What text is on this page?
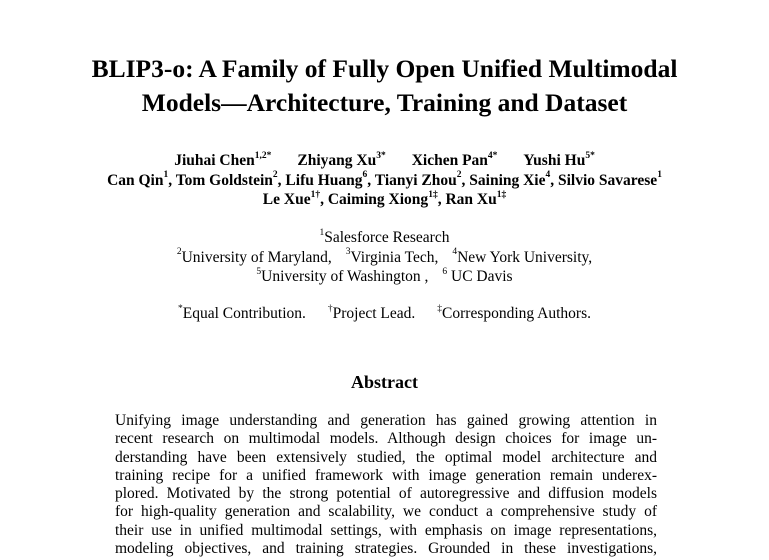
BLIP3-o: A Family of Fully Open Unified Multimodal
Models—Architecture, Training and Dataset
Jiuhai Chen$^{1,2*}$ Zhiyang $Xu^{3*}$ Xichen Pan$^{4*}$ Yushi $Hu^{5*}$
Can Qin$^1$, Tom Goldstein$^2$, Lifu Huang$^6$, Tianyi Zhou$^2$, Saining Xie$^4$, Silvio Savarese$^1$
Le Xue$^{1\dagger}$, Caiming Xiong$^{1\ddagger}$, Ran $Xu^{1\ddagger}$
$^1$Salesforce Research
$^2$University of Maryland, $^3$Virginia Tech, $^4$New York University,
$^5$University of Washington , $^6$ UC Davis
*Equal Contribution. †Project Lead. ‡Corresponding Authors.
Abstract
Unifying image understanding and generation has gained growing attention in
recent research on multimodal models. Although design choices for image un-
derstanding have been extensively studied, the optimal model architecture and
training recipe for a unified framework with image generation remain underex-
plored. Motivated by the strong potential of autoregressive and diffusion models
for high-quality generation and scalability, we conduct a comprehensive study of
their use in unified multimodal settings, with emphasis on image representations,
modeling objectives, and training strategies. Grounded in these investigations,
